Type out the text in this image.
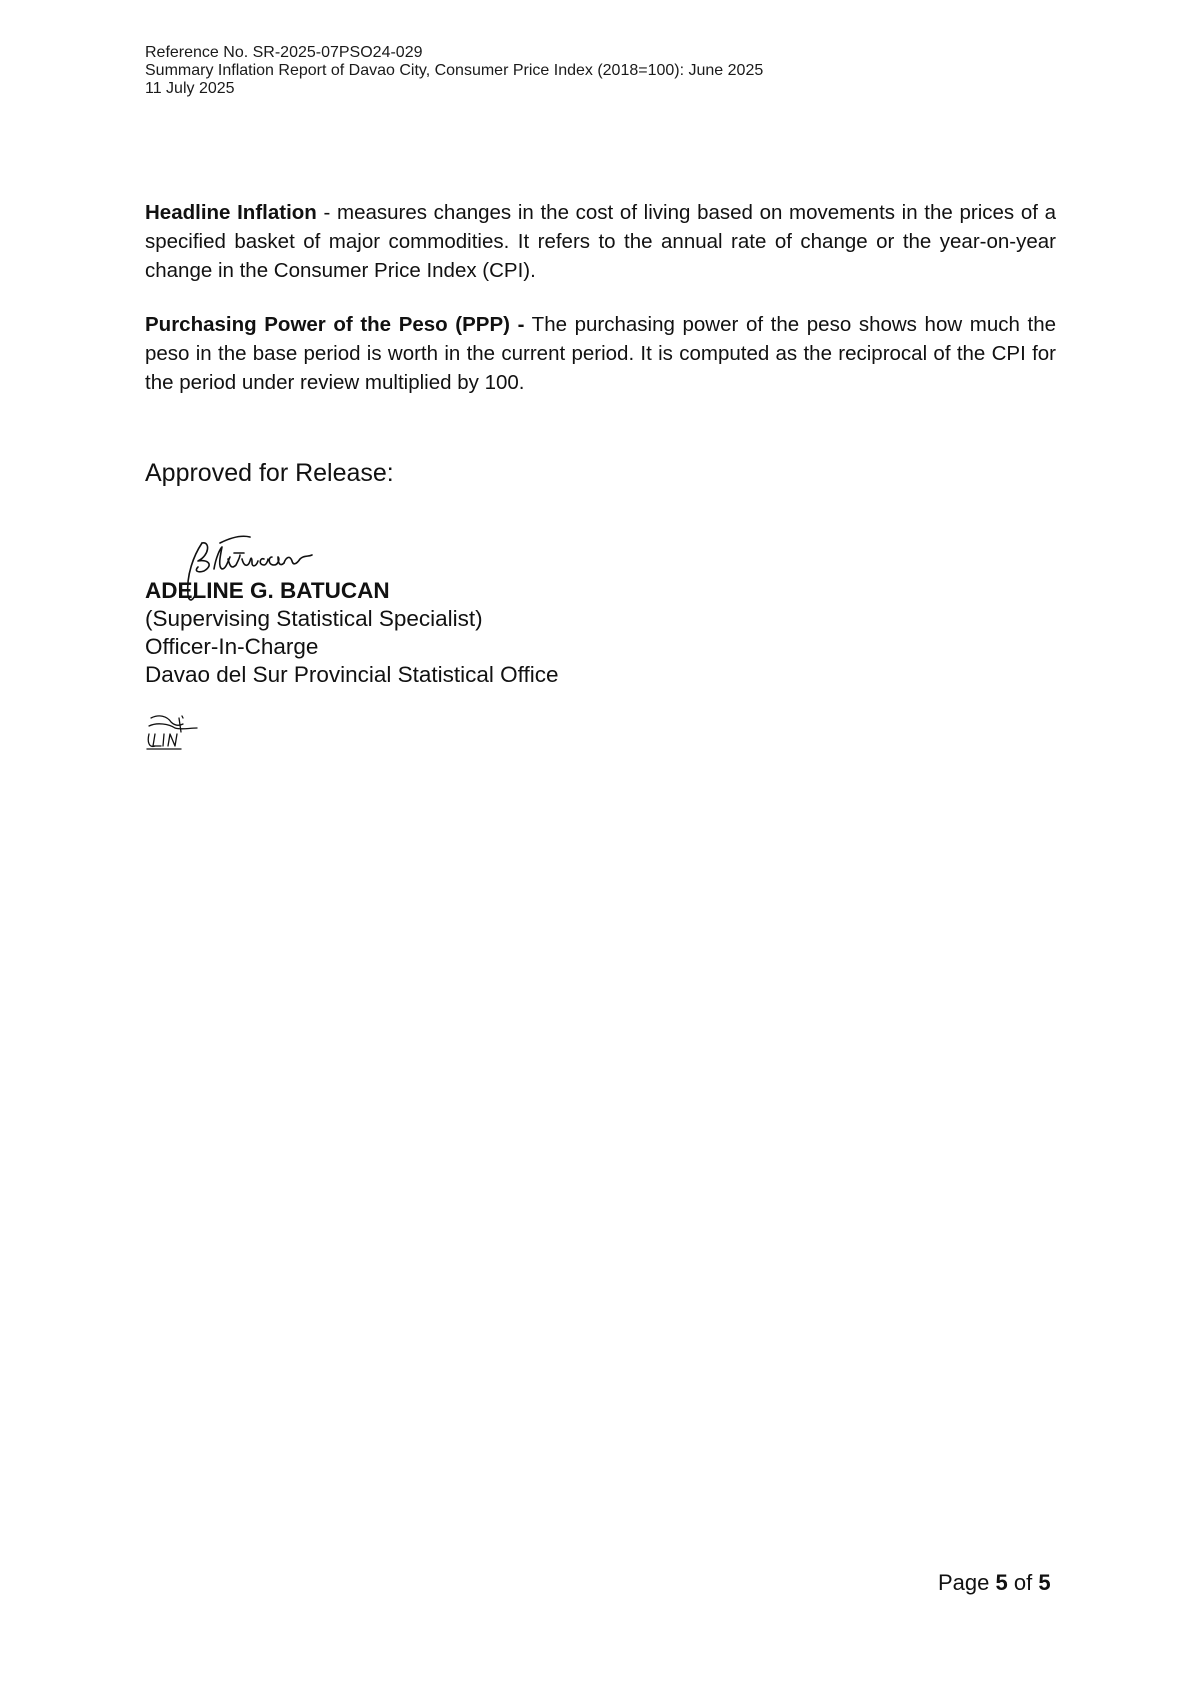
Reference No. SR-2025-07PSO24-029
Summary Inflation Report of Davao City, Consumer Price Index (2018=100): June 2025
11 July 2025

Headline Inflation - measures changes in the cost of living based on movements in the prices of a specified basket of major commodities. It refers to the annual rate of change or the year-on-year change in the Consumer Price Index (CPI).

Purchasing Power of the Peso (PPP) - The purchasing power of the peso shows how much the peso in the base period is worth in the current period. It is computed as the reciprocal of the CPI for the period under review multiplied by 100.

Approved for Release:
ADELINE G. BATUCAN
(Supervising Statistical Specialist)
Officer-In-Charge
Davao del Sur Provincial Statistical Office
Page 5 of 5
